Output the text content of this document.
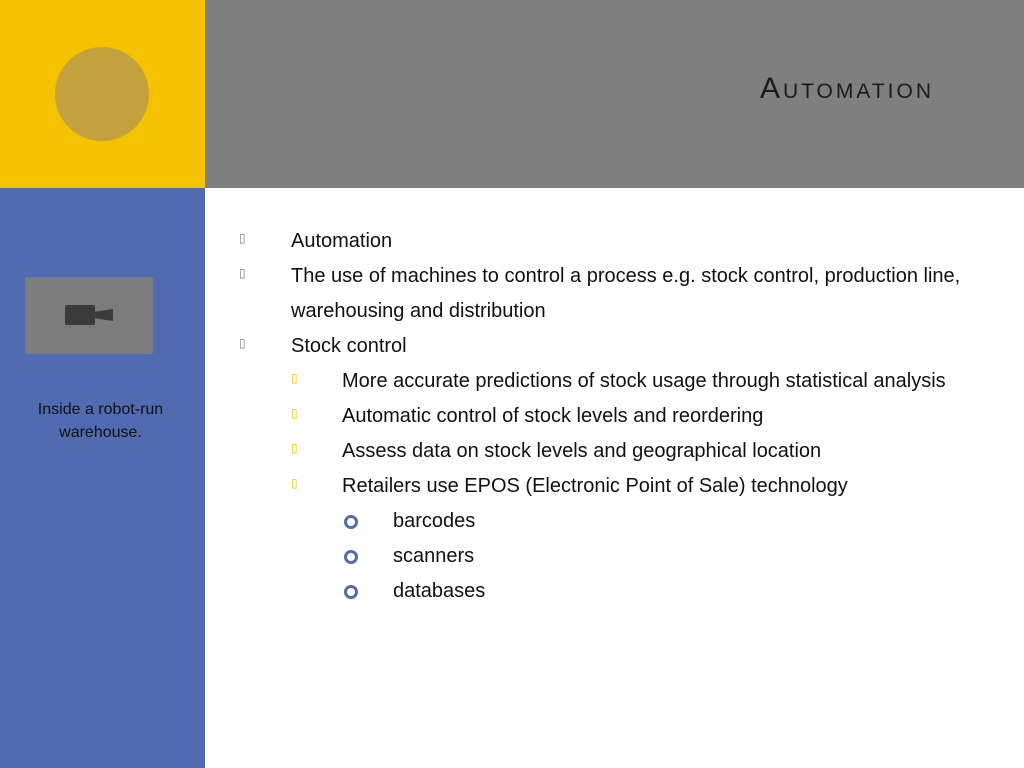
Automation
Inside a robot-run warehouse.
▯ Automation
▯ The use of machines to control a process e.g. stock control, production line, warehousing and distribution
▯ Stock control
▯ More accurate predictions of stock usage through statistical analysis
▯ Automatic control of stock levels and reordering
▯ Assess data on stock levels and geographical location
▯ Retailers use EPOS (Electronic Point of Sale) technology
barcodes
scanners
databases
